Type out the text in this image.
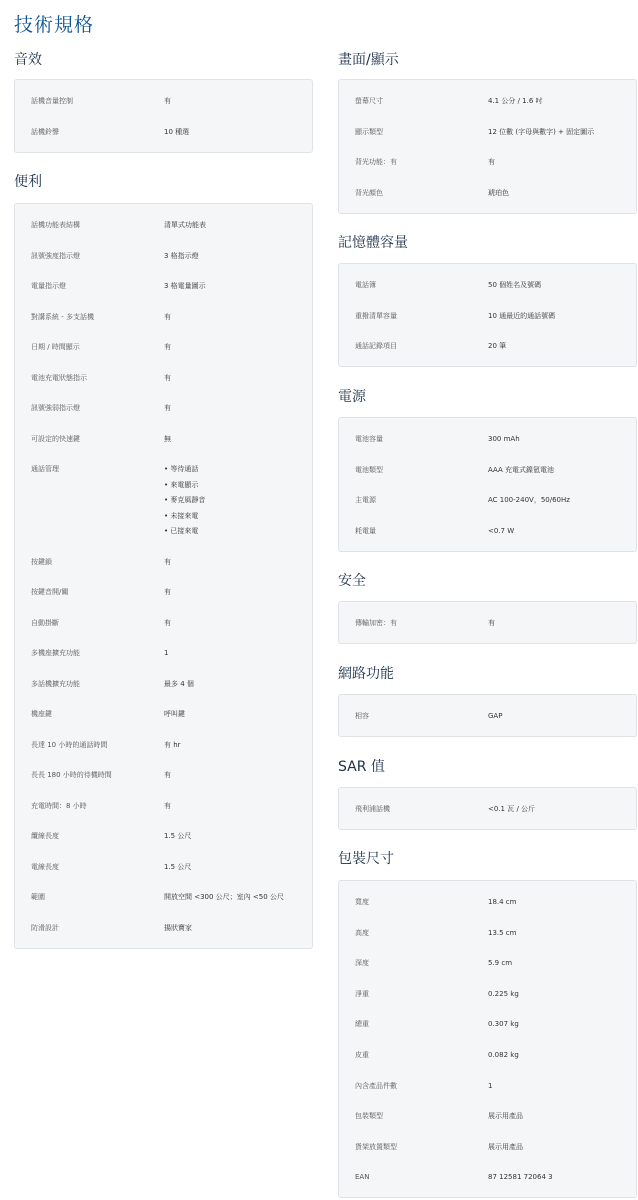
技術規格
音效
話機音量控制	有
話機鈴聲	10 種選
便利
話機功能表結構	清單式功能表
訊號強度指示燈	3 格指示燈
電量指示燈	3 格電量圖示
對講系統 - 多支話機	有
日期 / 時間顯示	有
電池充電狀態指示	有
訊號強弱指示燈	有
可設定的快速鍵	無
通話管理
•	等待通話
• 來電顯示
• 麥克風靜音
• 未接來電
• 已接來電
按鍵鎖	有
按鍵音開/關	有
自動掛斷	有
多機座擴充功能	1
多話機擴充功能	最多 4 個
機座鍵	呼叫鍵
長達 10 小時的通話時間	有 hr
長長 180 小時的待機時間	有
充電時間：8 小時	有
纜線長度	1.5 公尺
電線長度	1.5 公尺
範圍	開放空間 <300 公尺；室內 <50 公尺
防滑設計	揚狀寶家
畫面/顯示
螢幕尺寸	4.1 公分 / 1.6 吋
顯示類型	12 位數 (字母與數字) + 固定圖示
背光功能：有	有
背光顏色	琥珀色
記憶體容量
電話簿	50 個姓名及號碼
重撥清單容量	10 通最近的通話號碼
通話記錄項目	20 筆
電源
電池容量	300 mAh
電池類型	AAA 充電式鎳氫電池
主電源	AC 100-240V，50/60Hz
耗電量	<0.7 W
安全
傳輸加密：有	有
網路功能
相容	GAP
SAR 值
飛利浦話機	<0.1 瓦 / 公斤
包裝尺寸
寬度	18.4 cm
高度	13.5 cm
深度	5.9 cm
淨重	0.225 kg
總重	0.307 kg
皮重	0.082 kg
內含產品件數	1
包裝類型	展示用產品
貨架放置類型	展示用產品
EAN	87 12581 72064 3
